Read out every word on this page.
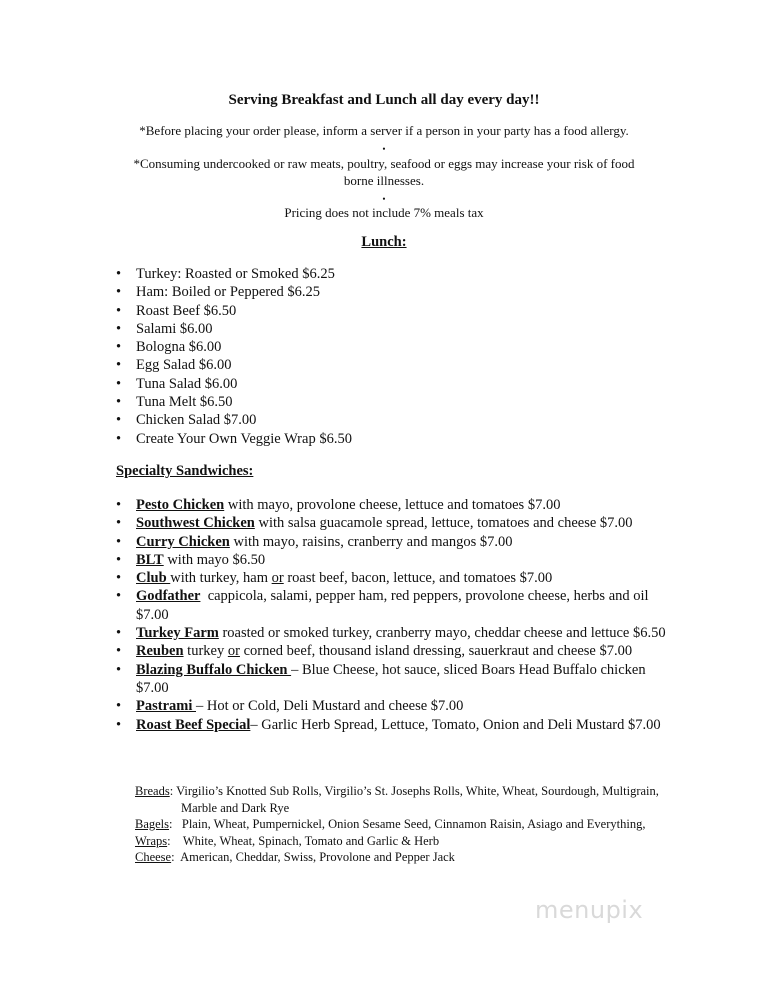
Serving Breakfast and Lunch all day every day!!
*Before placing your order please, inform a server if a person in your party has a food allergy.
•
*Consuming undercooked or raw meats, poultry, seafood or eggs may increase your risk of food
borne illnesses.
•
Pricing does not include 7% meals tax
Lunch:
• Turkey: Roasted or Smoked $6.25
• Ham: Boiled or Peppered $6.25
• Roast Beef $6.50
• Salami $6.00
• Bologna $6.00
• Egg Salad $6.00
• Tuna Salad $6.00
• Tuna Melt $6.50
• Chicken Salad $7.00
• Create Your Own Veggie Wrap $6.50
Specialty Sandwiches:
• Pesto Chicken with mayo, provolone cheese, lettuce and tomatoes $7.00
• Southwest Chicken with salsa guacamole spread, lettuce, tomatoes and cheese $7.00
• Curry Chicken with mayo, raisins, cranberry and mangos $7.00
• BLT with mayo $6.50
• Club with turkey, ham or roast beef, bacon, lettuce, and tomatoes $7.00
• Godfather  cappicola, salami, pepper ham, red peppers, provolone cheese, herbs and oil $7.00
• Turkey Farm roasted or smoked turkey, cranberry mayo, cheddar cheese and lettuce $6.50
• Reuben turkey or corned beef, thousand island dressing, sauerkraut and cheese $7.00
• Blazing Buffalo Chicken – Blue Cheese, hot sauce, sliced Boars Head Buffalo chicken $7.00
• Pastrami – Hot or Cold, Deli Mustard and cheese $7.00
• Roast Beef Special– Garlic Herb Spread, Lettuce, Tomato, Onion and Deli Mustard $7.00
Breads: Virgilio’s Knotted Sub Rolls, Virgilio’s St. Josephs Rolls, White, Wheat, Sourdough, Multigrain,
Marble and Dark Rye
Bagels:   Plain, Wheat, Pumpernickel, Onion Sesame Seed, Cinnamon Raisin, Asiago and Everything,
Wraps:    White, Wheat, Spinach, Tomato and Garlic & Herb
Cheese:  American, Cheddar, Swiss, Provolone and Pepper Jack
menupix
